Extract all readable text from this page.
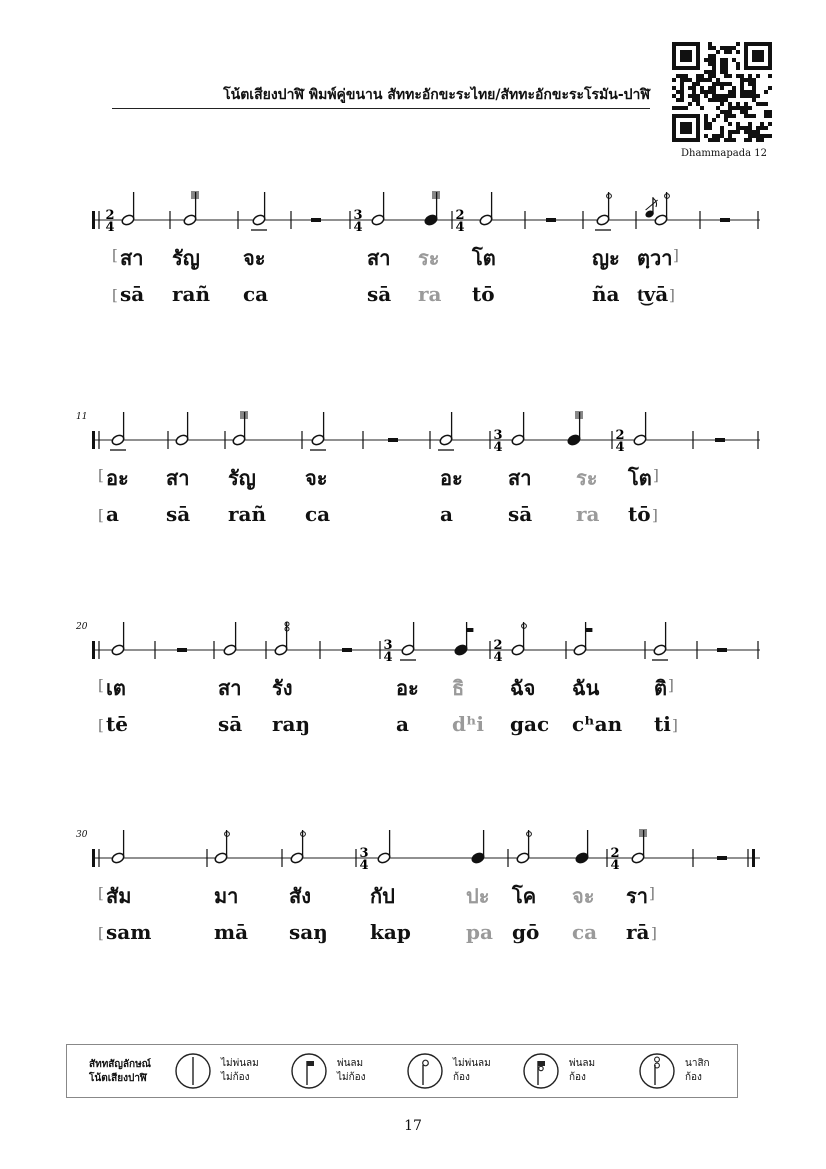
โน้ตเสียงปาฬิ พิมพ์คู่ขนาน สัททะอักขะระไทย/สัททะอักขะระโรมัน-ปาฬิ
Dhammapada 12
2
4
3
4
2
4
[ สา รัญ จะ	สา ระ โต	ญะ ตฺวา ]
[ sā rañ ca	sā ra tō	ña t͜vā ]
11
3
4
2
4
[ อะ สา รัญ จะ	อะ สา ระ โต ]
[ a sā rañ ca	a	sā ra tō ]
20
3
4
2
4
[ เต	สา รัง	อะ ธิ ฉัจ ฉัน	ติ ]
[ tē	sā raŋ	a dʰi gac cʰan ti ]
30
3
4
2
4
[ สัม	มา	สัง	กัป	ปะ โค จะ รา ]
[ sam	mā saŋ kap	pa gō ca rā ]
สัททสัญลักษณ์
โน้ตเสียงปาฬิ
ไม่พ่นลม
ไม่ก้อง
พ่นลม
ไม่ก้อง
ไม่พ่นลม
ก้อง
พ่นลม
ก้อง
นาสิก
ก้อง
17
